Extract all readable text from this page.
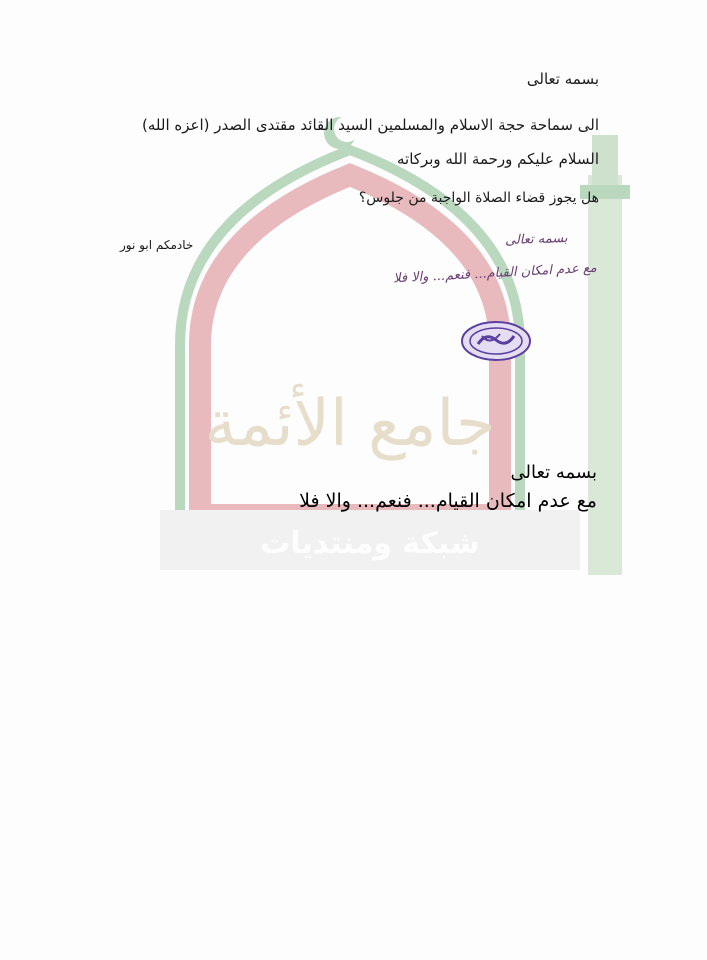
جامع الأئمة
شبكة ومنتديات
بسمه تعالى
الى سماحة حجة الاسلام والمسلمين السيد القائد مقتدى الصدر (اعزه الله)
السلام عليكم ورحمة الله وبركاته
هل يجوز قضاء الصلاة الواجبة من جلوس؟
خادمكم ابو نور	بسمه تعالى
مع عدم امكان القيام... فنعم... والا فلا
بسمه تعالى
مع عدم امكان القيام... فنعم... والا فلا
